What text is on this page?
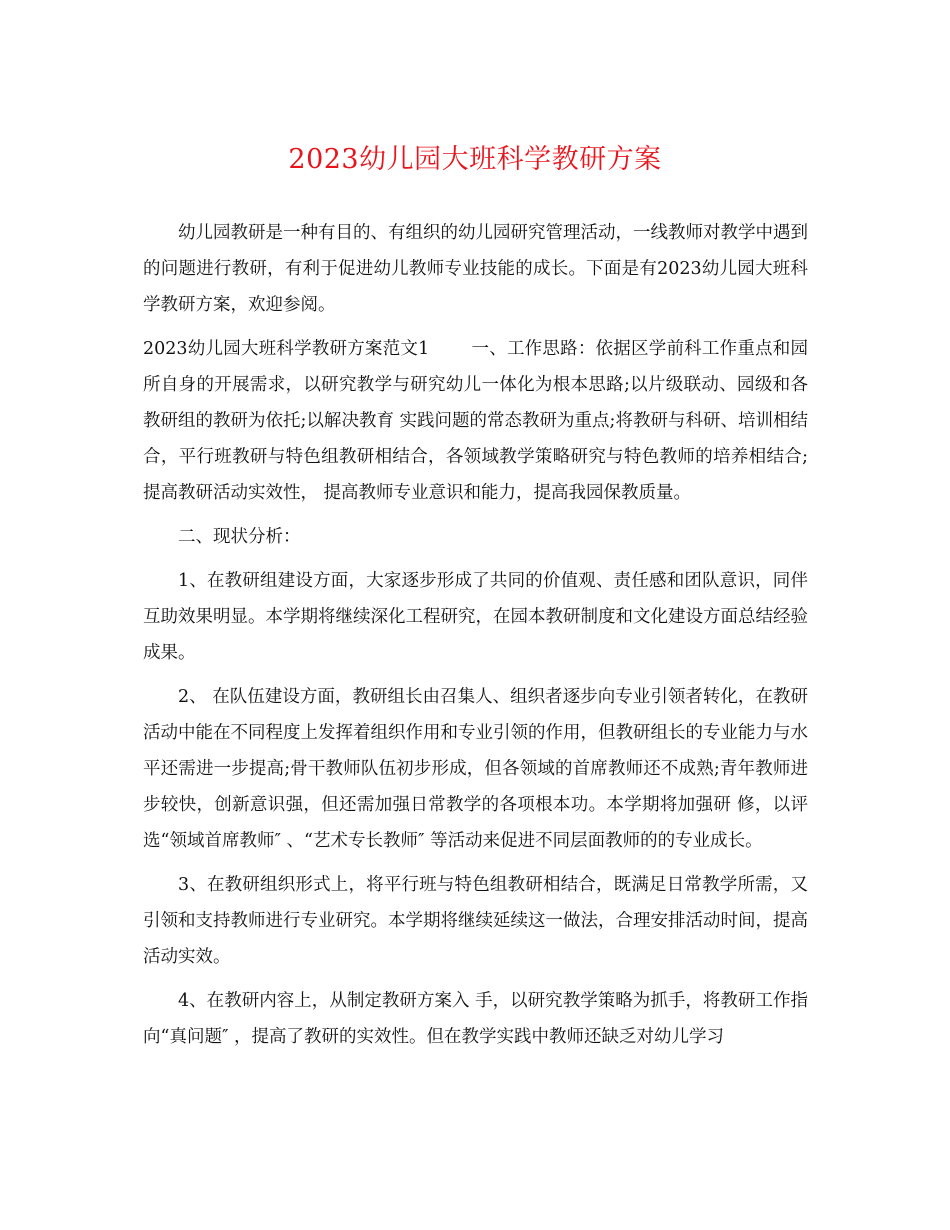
2023幼儿园大班科学教研方案

幼儿园教研是一种有目的、有组织的幼儿园研究管理活动，一线教师对教学中遇到的问题进行教研，有利于促进幼儿教师专业技能的成长。下面是有2023幼儿园大班科学教研方案，欢迎参阅。

2023幼儿园大班科学教研方案范文1 一、工作思路：依据区学前科工作重点和园所自身的开展需求，以研究教学与研究幼儿一体化为根本思路;以片级联动、园级和各教研组的教研为依托;以解决教育 实践问题的常态教研为重点;将教研与科研、培训相结合，平行班教研与特色组教研相结合，各领域教学策略研究与特色教师的培养相结合;提高教研活动实效性， 提高教师专业意识和能力，提高我园保教质量。

二、现状分析：

1、在教研组建设方面，大家逐步形成了共同的价值观、责任感和团队意识，同伴互助效果明显。本学期将继续深化工程研究，在园本教研制度和文化建设方面总结经验成果。

2、 在队伍建设方面，教研组长由召集人、组织者逐步向专业引领者转化，在教研活动中能在不同程度上发挥着组织作用和专业引领的作用，但教研组长的专业能力与水 平还需进一步提高;骨干教师队伍初步形成，但各领域的首席教师还不成熟;青年教师进步较快，创新意识强，但还需加强日常教学的各项根本功。本学期将加强研 修，以评选“领域首席教师″ 、“艺术专长教师″ 等活动来促进不同层面教师的的专业成长。

3、在教研组织形式上，将平行班与特色组教研相结合，既满足日常教学所需，又引领和支持教师进行专业研究。本学期将继续延续这一做法，合理安排活动时间，提高活动实效。

4、在教研内容上，从制定教研方案入 手，以研究教学策略为抓手，将教研工作指向“真问题″ ，提高了教研的实效性。但在教学实践中教师还缺乏对幼儿学习
